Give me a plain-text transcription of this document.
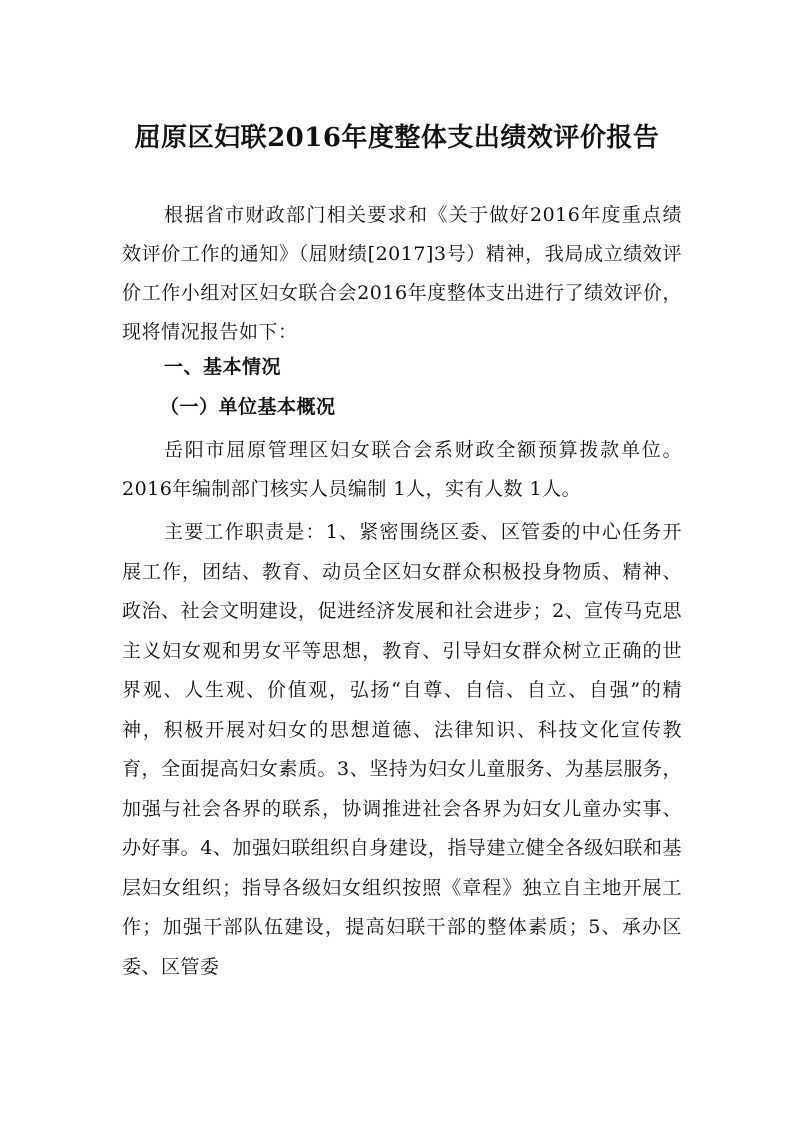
屈原区妇联2016年度整体支出绩效评价报告

根据省市财政部门相关要求和《关于做好2016年度重点绩效评价工作的通知》（屈财绩[2017]3号）精神，我局成立绩效评价工作小组对区妇女联合会2016年度整体支出进行了绩效评价，现将情况报告如下：

一、基本情况
（一）单位基本概况

岳阳市屈原管理区妇女联合会系财政全额预算拨款单位。2016年编制部门核实人员编制 1人，实有人数 1人。

主要工作职责是：1、紧密围绕区委、区管委的中心任务开展工作，团结、教育、动员全区妇女群众积极投身物质、精神、政治、社会文明建设，促进经济发展和社会进步；2、宣传马克思主义妇女观和男女平等思想，教育、引导妇女群众树立正确的世界观、人生观、价值观，弘扬“自尊、自信、自立、自强”的精神，积极开展对妇女的思想道德、法律知识、科技文化宣传教育，全面提高妇女素质。3、坚持为妇女儿童服务、为基层服务，加强与社会各界的联系，协调推进社会各界为妇女儿童办实事、办好事。4、加强妇联组织自身建设，指导建立健全各级妇联和基层妇女组织；指导各级妇女组织按照《章程》独立自主地开展工作；加强干部队伍建设，提高妇联干部的整体素质；5、承办区委、区管委
